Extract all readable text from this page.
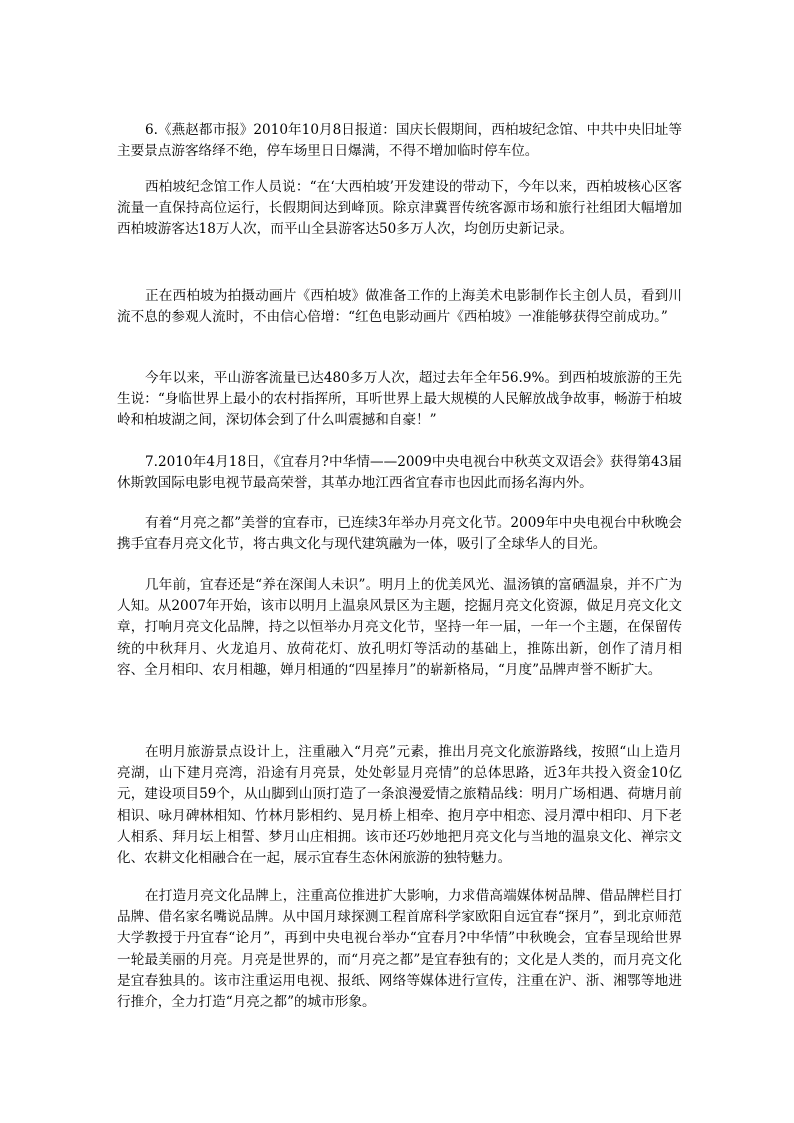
6.《燕赵都市报》2010年10月8日报道：国庆长假期间，西柏坡纪念馆、中共中央旧址等主要景点游客络绎不绝，停车场里日日爆满，不得不增加临时停车位。

西柏坡纪念馆工作人员说：“在‘大西柏坡’开发建设的带动下，今年以来，西柏坡核心区客流量一直保持高位运行，长假期间达到峰顶。除京津冀晋传统客源市场和旅行社组团大幅增加西柏坡游客达18万人次，而平山全县游客达50多万人次，均创历史新记录。

正在西柏坡为拍摄动画片《西柏坡》做准备工作的上海美术电影制作长主创人员，看到川流不息的参观人流时，不由信心倍增：“红色电影动画片《西柏坡》一准能够获得空前成功。”

今年以来，平山游客流量已达480多万人次，超过去年全年56.9%。到西柏坡旅游的王先生说：“身临世界上最小的农村指挥所，耳听世界上最大规模的人民解放战争故事，畅游于柏坡岭和柏坡湖之间，深切体会到了什么叫震撼和自豪！”

7.2010年4月18日，《宜春月?中华情——2009中央电视台中秋英文双语会》获得第43届休斯敦国际电影电视节最高荣誉，其革办地江西省宜春市也因此而扬名海内外。

有着“月亮之都”美誉的宜春市，已连续3年举办月亮文化节。2009年中央电视台中秋晚会携手宜春月亮文化节，将古典文化与现代建筑融为一体，吸引了全球华人的目光。

几年前，宜春还是“养在深闺人未识”。明月上的优美风光、温汤镇的富硒温泉，并不广为人知。从2007年开始，该市以明月上温泉风景区为主题，挖掘月亮文化资源，做足月亮文化文章，打响月亮文化品牌，持之以恒举办月亮文化节，坚持一年一届，一年一个主题，在保留传统的中秋拜月、火龙追月、放荷花灯、放孔明灯等活动的基础上，推陈出新，创作了清月相容、全月相印、农月相趣，婵月相通的“四星捧月”的崭新格局，“月度”品牌声誉不断扩大。

在明月旅游景点设计上，注重融入“月亮”元素，推出月亮文化旅游路线，按照“山上造月亮湖，山下建月亮湾，沿途有月亮景，处处彰显月亮情”的总体思路，近3年共投入资金10亿元，建设项目59个，从山脚到山顶打造了一条浪漫爱情之旅精品线：明月广场相遇、荷塘月前相识、咏月碑林相知、竹林月影相约、晃月桥上相牵、抱月亭中相恋、浸月潭中相印、月下老人相系、拜月坛上相誓、梦月山庄相拥。该市还巧妙地把月亮文化与当地的温泉文化、禅宗文化、农耕文化相融合在一起，展示宜春生态休闲旅游的独特魅力。

在打造月亮文化品牌上，注重高位推进扩大影响，力求借高端媒体树品牌、借品牌栏目打品牌、借名家名嘴说品牌。从中国月球探测工程首席科学家欧阳自远宜春“探月”，到北京师范大学教授于丹宜春“论月”，再到中央电视台举办“宜春月?中华情”中秋晚会，宜春呈现给世界一轮最美丽的月亮。月亮是世界的，而“月亮之都”是宜春独有的；文化是人类的，而月亮文化是宜春独具的。该市注重运用电视、报纸、网络等媒体进行宣传，注重在沪、浙、湘鄂等地进行推介，全力打造“月亮之都”的城市形象。
